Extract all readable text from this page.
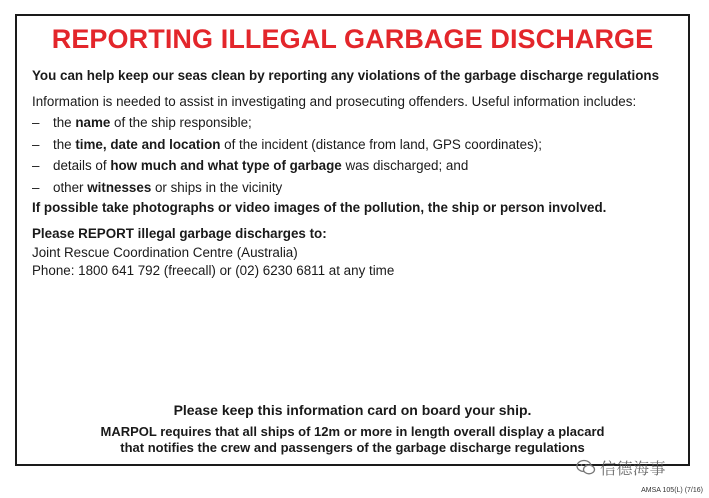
REPORTING ILLEGAL GARBAGE DISCHARGE
You can help keep our seas clean by reporting any violations of the garbage discharge regulations
Information is needed to assist in investigating and prosecuting offenders. Useful information includes:
– the name of the ship responsible;
– the time, date and location of the incident (distance from land, GPS coordinates);
– details of how much and what type of garbage was discharged; and
– other witnesses or ships in the vicinity
If possible take photographs or video images of the pollution, the ship or person involved.
Please REPORT illegal garbage discharges to:
Joint Rescue Coordination Centre (Australia)
Phone: 1800 641 792 (freecall) or (02) 6230 6811 at any time
Please keep this information card on board your ship.
MARPOL requires that all ships of 12m or more in length overall display a placard
that notifies the crew and passengers of the garbage discharge regulations
信德海事
AMSA 105(L) (7/16)
